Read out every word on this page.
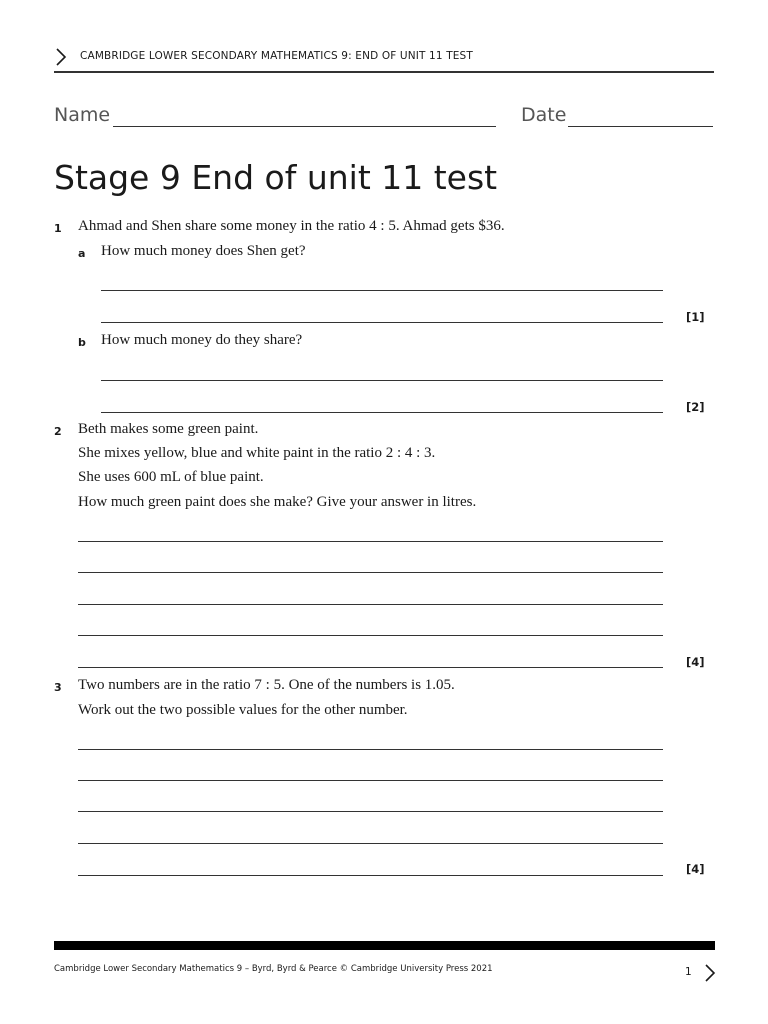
CAMBRIDGE LOWER SECONDARY MATHEMATICS 9: END OF UNIT 11 TEST
Name	Date
Stage 9 End of unit 11 test
1 Ahmad and Shen share some money in the ratio 4 : 5. Ahmad gets $36.
a How much money does Shen get?
[1]
b How much money do they share?
[2]
2 Beth makes some green paint.
She mixes yellow, blue and white paint in the ratio 2 : 4 : 3.
She uses 600 mL of blue paint.
How much green paint does she make? Give your answer in litres.
[4]
3 Two numbers are in the ratio 7 : 5. One of the numbers is 1.05.
Work out the two possible values for the other number.
[4]
Cambridge Lower Secondary Mathematics 9 – Byrd, Byrd & Pearce © Cambridge University Press 2021	1
